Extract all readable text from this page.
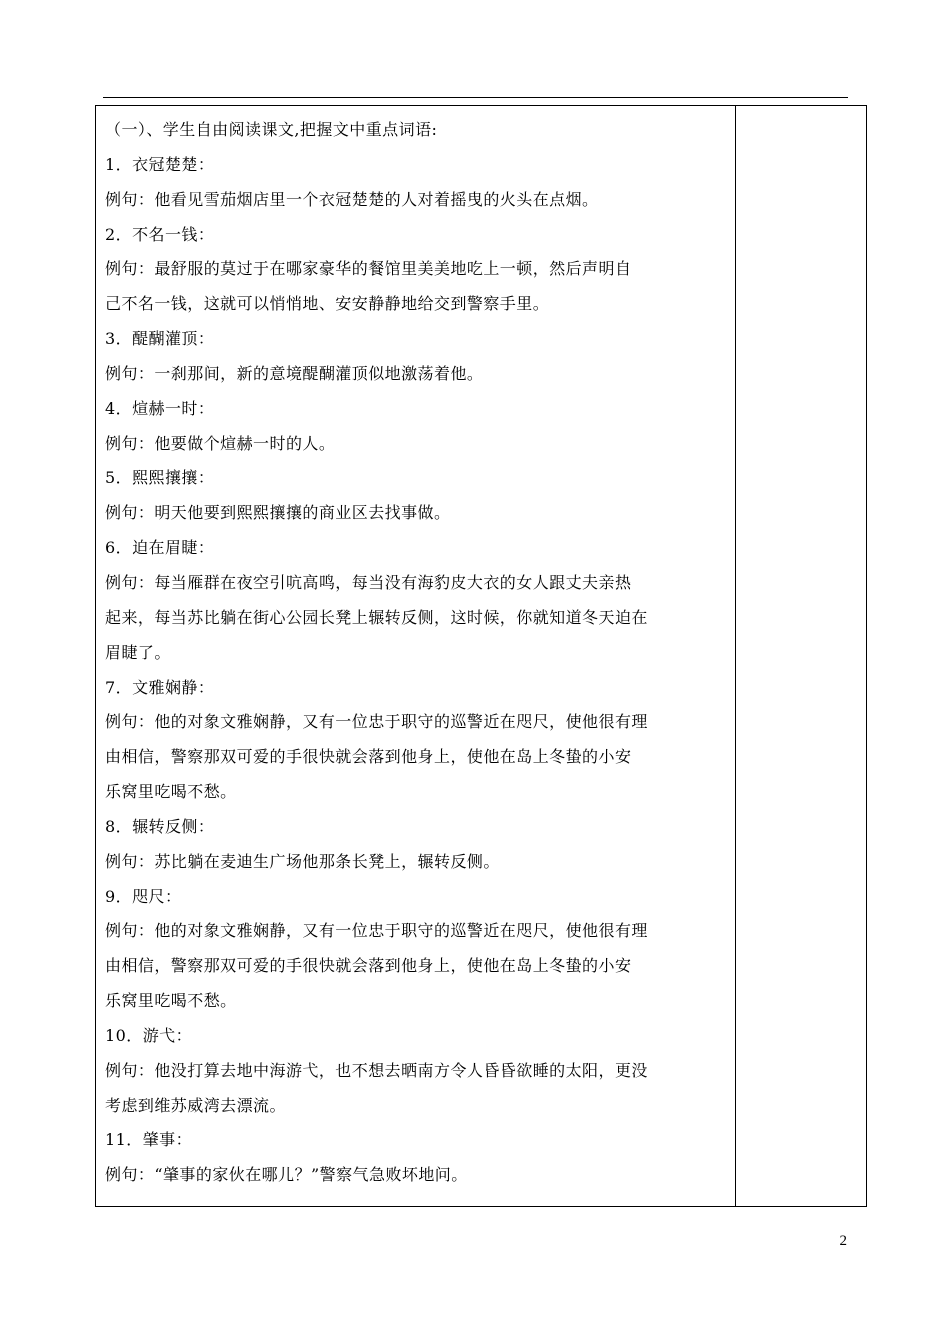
（一）、学生自由阅读课文,把握文中重点词语:
1．衣冠楚楚：
例句：他看见雪茄烟店里一个衣冠楚楚的人对着摇曳的火头在点烟。
2．不名一钱：
例句：最舒服的莫过于在哪家豪华的餐馆里美美地吃上一顿，然后声明自
己不名一钱，这就可以悄悄地、安安静静地给交到警察手里。
3．醍醐灌顶：
例句：一刹那间，新的意境醍醐灌顶似地激荡着他。
4．煊赫一时：
例句：他要做个煊赫一时的人。
5．熙熙攘攘：
例句：明天他要到熙熙攘攘的商业区去找事做。
6．迫在眉睫：
例句：每当雁群在夜空引吭高鸣，每当没有海豹皮大衣的女人跟丈夫亲热
起来，每当苏比躺在街心公园长凳上辗转反侧，这时候，你就知道冬天迫在
眉睫了。
7．文雅娴静：
例句：他的对象文雅娴静，又有一位忠于职守的巡警近在咫尺，使他很有理
由相信，警察那双可爱的手很快就会落到他身上，使他在岛上冬蛰的小安
乐窝里吃喝不愁。
8．辗转反侧：
例句：苏比躺在麦迪生广场他那条长凳上，辗转反侧。
9．咫尺：
例句：他的对象文雅娴静，又有一位忠于职守的巡警近在咫尺，使他很有理
由相信，警察那双可爱的手很快就会落到他身上，使他在岛上冬蛰的小安
乐窝里吃喝不愁。
10．游弋：
例句：他没打算去地中海游弋，也不想去晒南方令人昏昏欲睡的太阳，更没
考虑到维苏威湾去漂流。
11．肇事：
例句：“肇事的家伙在哪儿？”警察气急败坏地问。
2
